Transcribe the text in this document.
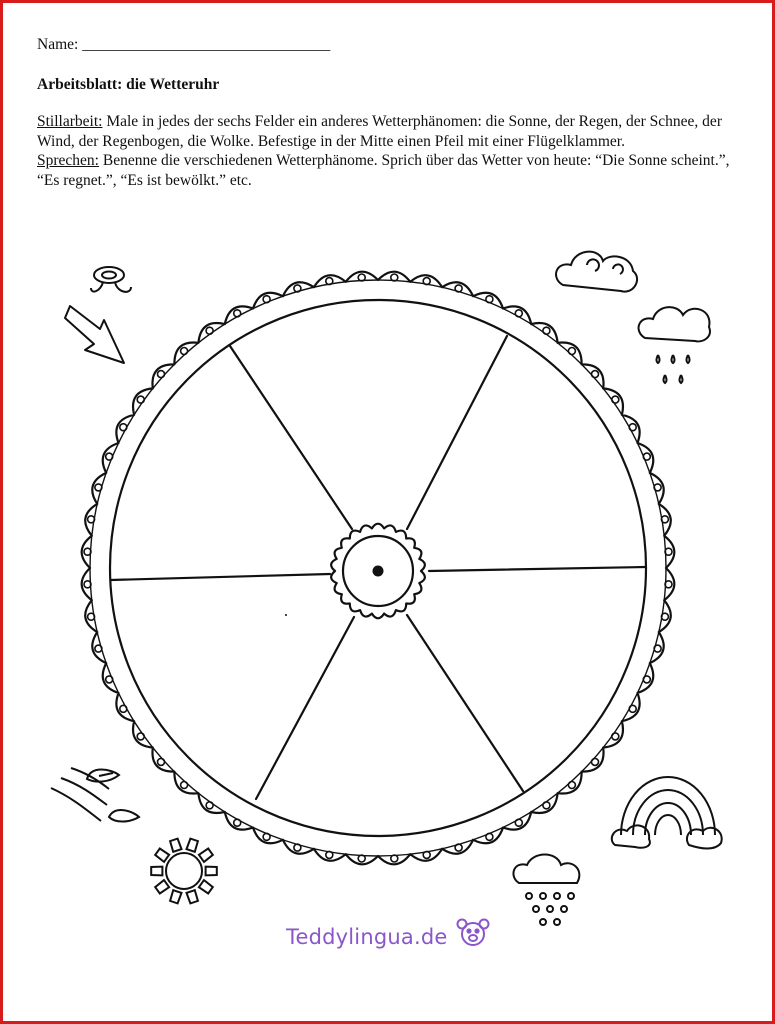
Name: ________________________________

Arbeitsblatt: die Wetteruhr

Stillarbeit: Male in jedes der sechs Felder ein anderes Wetterphänomen: die Sonne, der Regen, der Schnee, der Wind, der Regenbogen, die Wolke. Befestige in der Mitte einen Pfeil mit einer Flügelklammer.

Sprechen: Benenne die verschiedenen Wetterphänome. Sprich über das Wetter von heute: “Die Sonne scheint.”, “Es regnet.”, “Es ist bewölkt.” etc.

Teddylingua.de
